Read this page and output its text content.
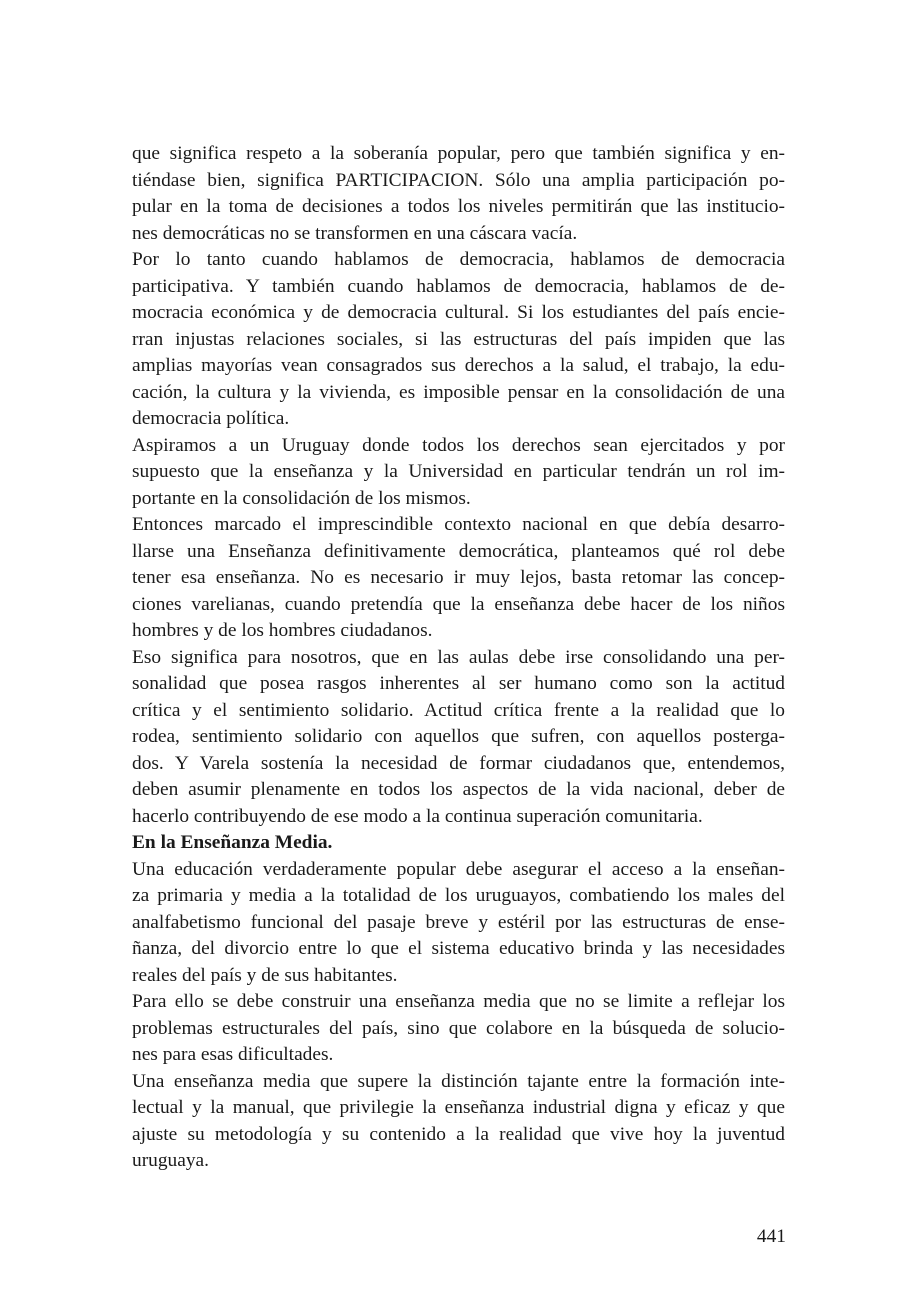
que significa respeto a la soberanía popular, pero que también significa y en-
tiéndase bien, significa PARTICIPACION. Sólo una amplia participación po-
pular en la toma de decisiones a todos los niveles permitirán que las institucio-
nes democráticas no se transformen en una cáscara vacía.
Por lo tanto cuando hablamos de democracia, hablamos de democracia
participativa. Y también cuando hablamos de democracia, hablamos de de-
mocracia económica y de democracia cultural. Si los estudiantes del país encie-
rran injustas relaciones sociales, si las estructuras del país impiden que las
amplias mayorías vean consagrados sus derechos a la salud, el trabajo, la edu-
cación, la cultura y la vivienda, es imposible pensar en la consolidación de una
democracia política.
Aspiramos a un Uruguay donde todos los derechos sean ejercitados y por
supuesto que la enseñanza y la Universidad en particular tendrán un rol im-
portante en la consolidación de los mismos.
Entonces marcado el imprescindible contexto nacional en que debía desarro-
llarse una Enseñanza definitivamente democrática, planteamos qué rol debe
tener esa enseñanza. No es necesario ir muy lejos, basta retomar las concep-
ciones varelianas, cuando pretendía que la enseñanza debe hacer de los niños
hombres y de los hombres ciudadanos.
Eso significa para nosotros, que en las aulas debe irse consolidando una per-
sonalidad que posea rasgos inherentes al ser humano como son la actitud
crítica y el sentimiento solidario. Actitud crítica frente a la realidad que lo
rodea, sentimiento solidario con aquellos que sufren, con aquellos posterga-
dos. Y Varela sostenía la necesidad de formar ciudadanos que, entendemos,
deben asumir plenamente en todos los aspectos de la vida nacional, deber de
hacerlo contribuyendo de ese modo a la continua superación comunitaria.
En la Enseñanza Media.
Una educación verdaderamente popular debe asegurar el acceso a la enseñan-
za primaria y media a la totalidad de los uruguayos, combatiendo los males del
analfabetismo funcional del pasaje breve y estéril por las estructuras de ense-
ñanza, del divorcio entre lo que el sistema educativo brinda y las necesidades
reales del país y de sus habitantes.
Para ello se debe construir una enseñanza media que no se limite a reflejar los
problemas estructurales del país, sino que colabore en la búsqueda de solucio-
nes para esas dificultades.
Una enseñanza media que supere la distinción tajante entre la formación inte-
lectual y la manual, que privilegie la enseñanza industrial digna y eficaz y que
ajuste su metodología y su contenido a la realidad que vive hoy la juventud
uruguaya.
441
